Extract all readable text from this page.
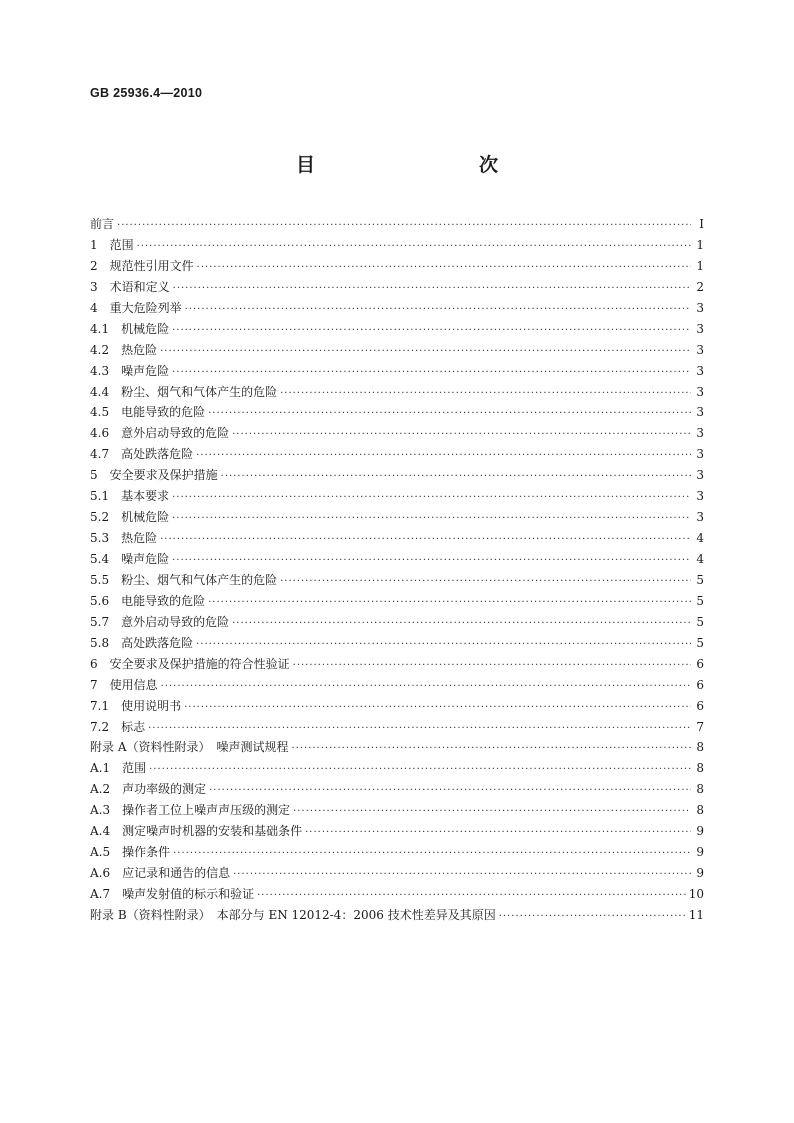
GB 25936.4—2010
目　　次
前言 ·····	Ⅰ
1　范围 ·····	1
2　规范性引用文件 ·····	1
3　术语和定义 ·····	2
4　重大危险列举 ·····	3
4.1　机械危险 ·····	3
4.2　热危险 ·····	3
4.3　噪声危险 ·····	3
4.4　粉尘、烟气和气体产生的危险 ·····	3
4.5　电能导致的危险 ·····	3
4.6　意外启动导致的危险 ·····	3
4.7　高处跌落危险 ·····	3
5　安全要求及保护措施 ·····	3
5.1　基本要求 ·····	3
5.2　机械危险 ·····	3
5.3　热危险 ·····	4
5.4　噪声危险 ·····	4
5.5　粉尘、烟气和气体产生的危险 ·····	5
5.6　电能导致的危险 ·····	5
5.7　意外启动导致的危险 ·····	5
5.8　高处跌落危险 ·····	5
6　安全要求及保护措施的符合性验证 ·····	6
7　使用信息 ·····	6
7.1　使用说明书 ·····	6
7.2　标志 ·····	7
附录 A（资料性附录）　噪声测试规程 ·····	8
A.1　范围 ·····	8
A.2　声功率级的测定 ·····	8
A.3　操作者工位上噪声声压级的测定 ·····	8
A.4　测定噪声时机器的安装和基础条件 ·····	9
A.5　操作条件 ·····	9
A.6　应记录和通告的信息 ·····	9
A.7　噪声发射值的标示和验证 ·····	10
附录 B（资料性附录）　本部分与 EN 12012-4：2006 技术性差异及其原因 ·····	11
